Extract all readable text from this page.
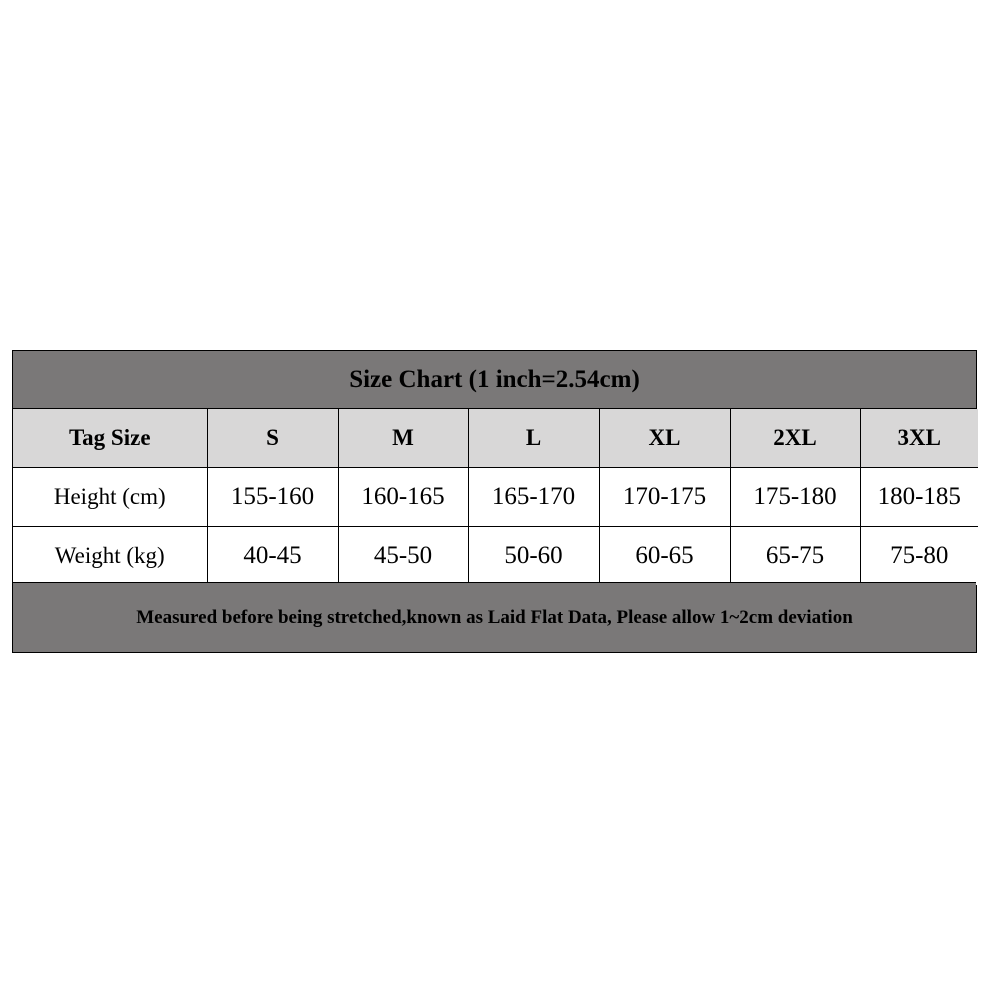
Size Chart (1 inch=2.54cm)
Tag Size	S	M	L	XL	2XL	3XL
Height (cm)	155-160	160-165	165-170	170-175	175-180	180-185
Weight (kg)	40-45	45-50	50-60	60-65	65-75	75-80
Measured before being stretched,known as Laid Flat Data, Please allow 1~2cm deviation
